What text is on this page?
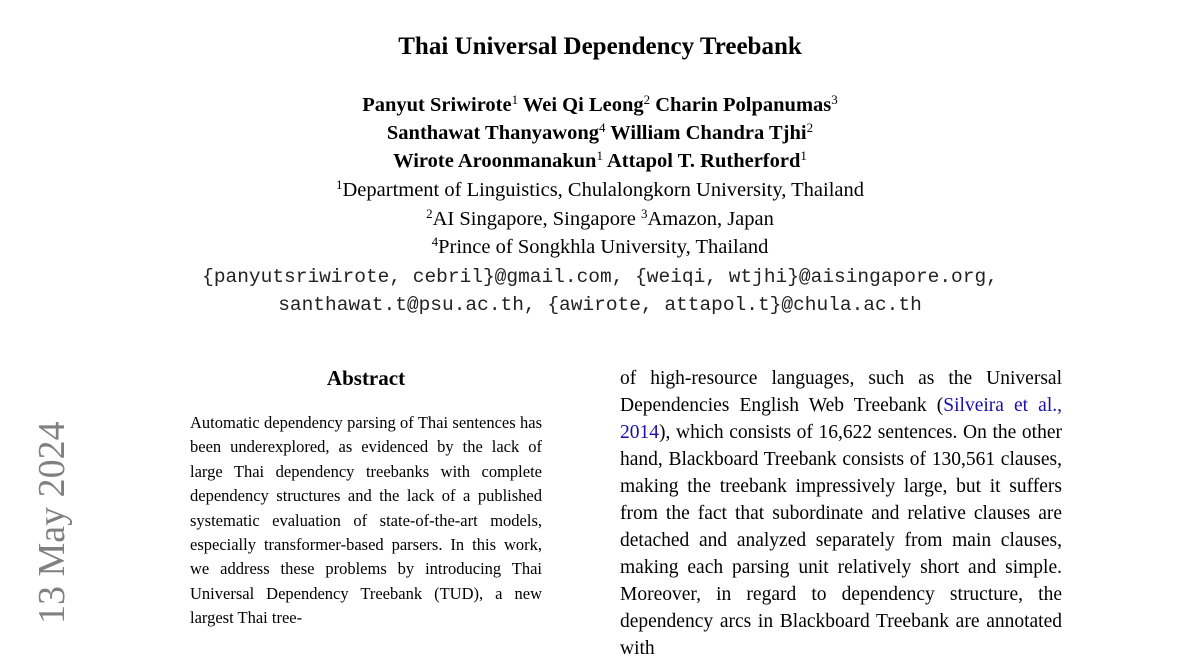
Thai Universal Dependency Treebank
Panyut Sriwirote$^1$ Wei Qi Leong$^2$ Charin Polpanumas$^3$
Santhawat Thanyawong$^4$ William Chandra Tjhi$^2$
Wirote Aroonmanakun$^1$ Attapol T. Rutherford$^1$
$^1$Department of Linguistics, Chulalongkorn University, Thailand
$^2$AI Singapore, Singapore $^3$Amazon, Japan
$^4$Prince of Songkhla University, Thailand
{panyutsriwirote, cebril}@gmail.com, {weiqi, wtjhi}@aisingapore.org,
santhawat.t@psu.ac.th, {awirote, attapol.t}@chula.ac.th
13 May 2024
Abstract

Automatic dependency parsing of Thai sentences has been underexplored, as evidenced by the lack of large Thai dependency treebanks with complete dependency structures and the lack of a published systematic evaluation of state-of-the-art models, especially transformer-based parsers. In this work, we address these problems by introducing Thai Universal Dependency Treebank (TUD), a new largest Thai tree-

of high-resource languages, such as the Universal Dependencies English Web Treebank (Silveira et al., 2014), which consists of 16,622 sentences. On the other hand, Blackboard Treebank consists of 130,561 clauses, making the treebank impressively large, but it suffers from the fact that subordinate and relative clauses are detached and analyzed separately from main clauses, making each parsing unit relatively short and simple. Moreover, in regard to dependency structure, the dependency arcs in Blackboard Treebank are annotated with
